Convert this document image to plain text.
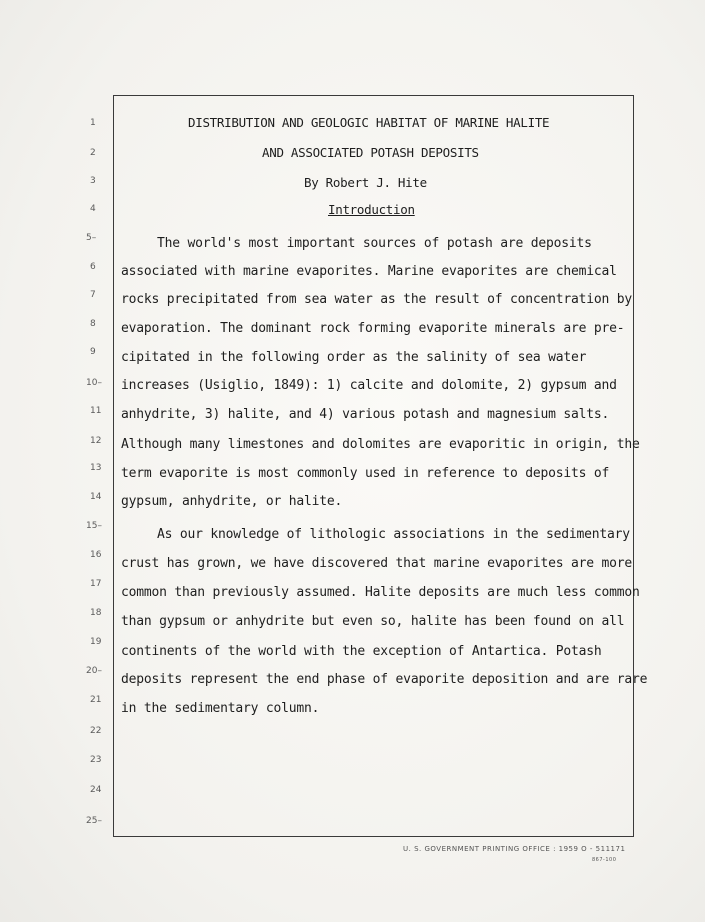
1
2
3
4
5–
6
7
8
9
10–
11
12
13
14
15–
16
17
18
19
20–
21
22
23
24
25–
DISTRIBUTION AND GEOLOGIC HABITAT OF MARINE HALITE
AND ASSOCIATED POTASH DEPOSITS
By Robert J. Hite
Introduction
The world's most important sources of potash are deposits
associated with marine evaporites. Marine evaporites are chemical
rocks precipitated from sea water as the result of concentration by
evaporation. The dominant rock forming evaporite minerals are pre-
cipitated in the following order as the salinity of sea water
increases (Usiglio, 1849): 1) calcite and dolomite, 2) gypsum and
anhydrite, 3) halite, and 4) various potash and magnesium salts.
Although many limestones and dolomites are evaporitic in origin, the
term evaporite is most commonly used in reference to deposits of
gypsum, anhydrite, or halite.
As our knowledge of lithologic associations in the sedimentary
crust has grown, we have discovered that marine evaporites are more
common than previously assumed. Halite deposits are much less common
than gypsum or anhydrite but even so, halite has been found on all
continents of the world with the exception of Antartica. Potash
deposits represent the end phase of evaporite deposition and are rare
in the sedimentary column.
U. S. GOVERNMENT PRINTING OFFICE : 1959 O - 511171
867-100
